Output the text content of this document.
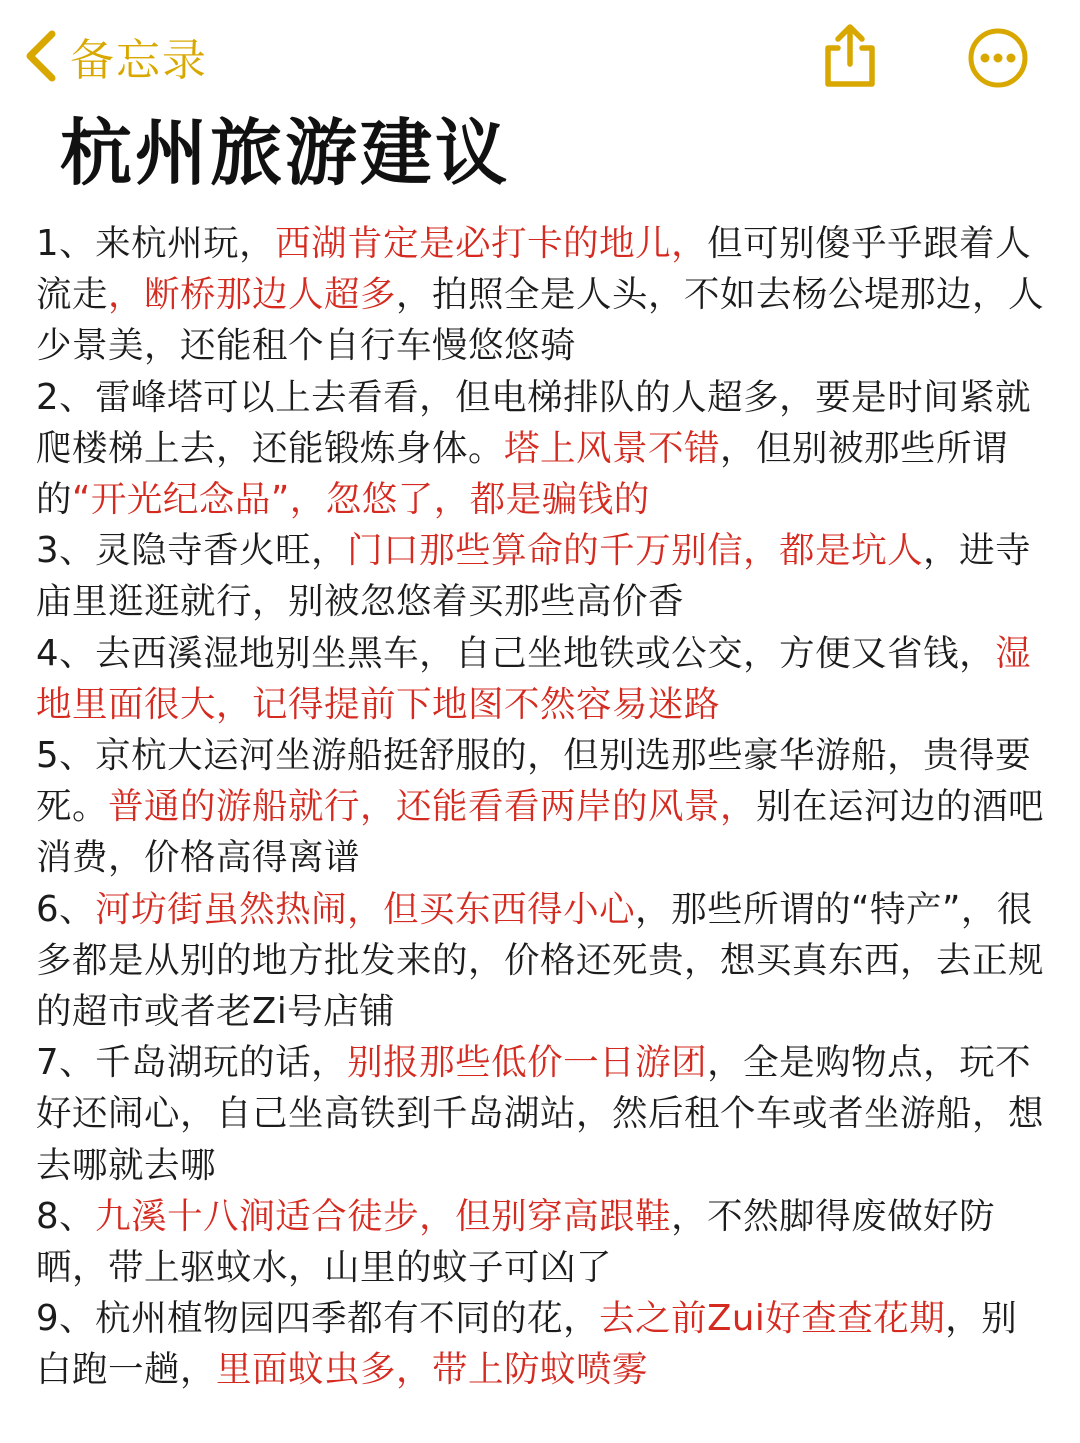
备忘录
杭州旅游建议

1、来杭州玩，西湖肯定是必打卡的地儿，但可别傻乎乎跟着人流走，断桥那边人超多，拍照全是人头，不如去杨公堤那边，人少景美，还能租个自行车慢悠悠骑

2、雷峰塔可以上去看看，但电梯排队的人超多，要是时间紧就爬楼梯上去，还能锻炼身体。塔上风景不错，但别被那些所谓的“开光纪念品”，忽悠了，都是骗钱的

3、灵隐寺香火旺，门口那些算命的千万别信，都是坑人，进寺庙里逛逛就行，别被忽悠着买那些高价香

4、去西溪湿地别坐黑车，自己坐地铁或公交，方便又省钱，湿地里面很大，记得提前下地图不然容易迷路

5、京杭大运河坐游船挺舒服的，但别选那些豪华游船，贵得要死。普通的游船就行，还能看看两岸的风景，别在运河边的酒吧消费，价格高得离谱

6、河坊街虽然热闹，但买东西得小心，那些所谓的“特产”，很多都是从别的地方批发来的，价格还死贵，想买真东西，去正规的超市或者老Zi号店铺

7、千岛湖玩的话，别报那些低价一日游团，全是购物点，玩不好还闹心，自己坐高铁到千岛湖站，然后租个车或者坐游船，想去哪就去哪

8、九溪十八涧适合徒步，但别穿高跟鞋，不然脚得废做好防晒，带上驱蚊水，山里的蚊子可凶了

9、杭州植物园四季都有不同的花，去之前Zui好查查花期，别白跑一趟，里面蚊虫多，带上防蚊喷雾
